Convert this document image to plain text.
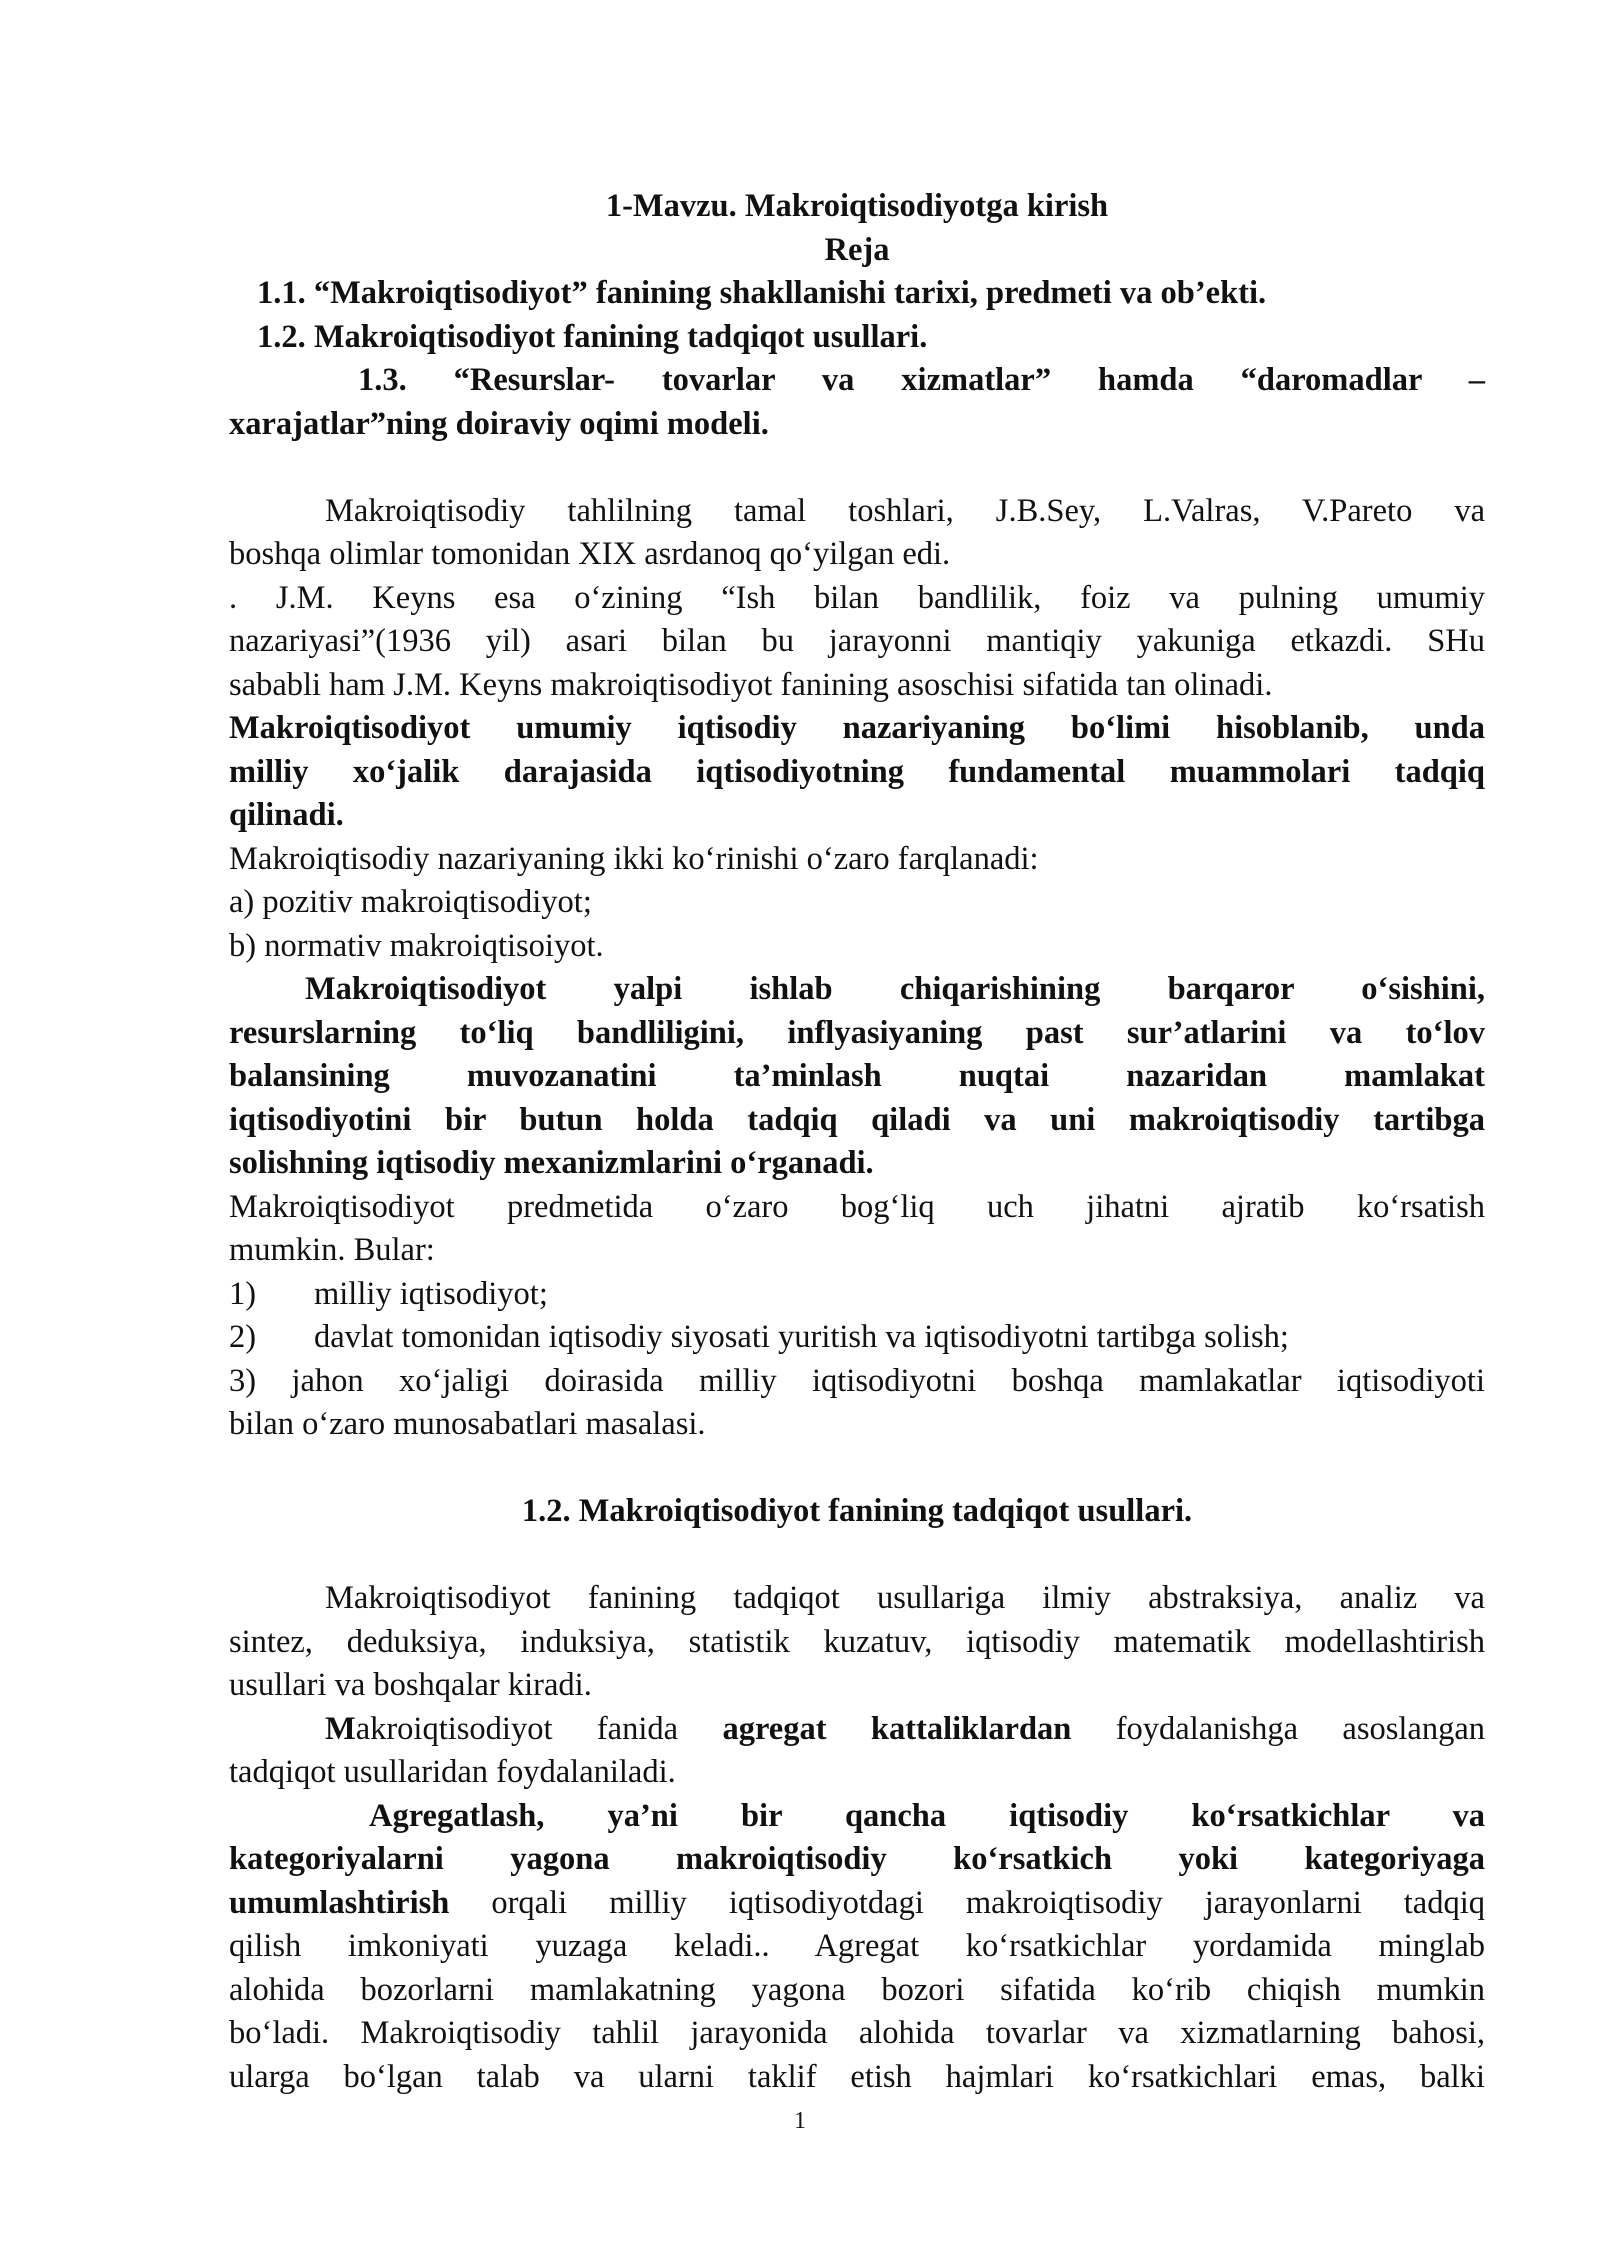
1-Mavzu. Makroiqtisodiyotga kirish

Reja

1.1. “Makroiqtisodiyot” fanining shakllanishi tarixi, predmeti va ob’ekti.

1.2. Makroiqtisodiyot fanining tadqiqot usullari.

1.3. “Resurslar- tovarlar va xizmatlar” hamda “daromadlar –

xarajatlar”ning doiraviy oqimi modeli.

Makroiqtisodiy tahlilning tamal toshlari, J.B.Sey, L.Valras, V.Pareto va

boshqa olimlar tomonidan XIX asrdanoq qo‘yilgan edi.

. J.M. Keyns esa o‘zining “Ish bilan bandlilik, foiz va pulning umumiy

nazariyasi”(1936 yil) asari bilan bu jarayonni mantiqiy yakuniga etkazdi. SHu

sababli ham J.M. Keyns makroiqtisodiyot fanining asoschisi sifatida tan olinadi.

Makroiqtisodiyot umumiy iqtisodiy nazariyaning bo‘limi hisoblanib, unda

milliy xo‘jalik darajasida iqtisodiyotning fundamental muammolari tadqiq

qilinadi.

Makroiqtisodiy nazariyaning ikki ko‘rinishi o‘zaro farqlanadi:

a) pozitiv makroiqtisodiyot;

b) normativ makroiqtisoiyot.

Makroiqtisodiyot yalpi ishlab chiqarishining barqaror o‘sishini,

resurslarning to‘liq bandliligini, inflyasiyaning past sur’atlarini va to‘lov

balansining muvozanatini ta’minlash nuqtai nazaridan mamlakat

iqtisodiyotini bir butun holda tadqiq qiladi va uni makroiqtisodiy tartibga

solishning iqtisodiy mexanizmlarini o‘rganadi.

Makroiqtisodiyot predmetida o‘zaro bog‘liq uch jihatni ajratib ko‘rsatish

mumkin. Bular:

1) milliy iqtisodiyot;

2) davlat tomonidan iqtisodiy siyosati yuritish va iqtisodiyotni tartibga solish;

3) jahon xo‘jaligi doirasida milliy iqtisodiyotni boshqa mamlakatlar iqtisodiyoti

bilan o‘zaro munosabatlari masalasi.

1.2. Makroiqtisodiyot fanining tadqiqot usullari.

Makroiqtisodiyot fanining tadqiqot usullariga ilmiy abstraksiya, analiz va

sintez, deduksiya, induksiya, statistik kuzatuv, iqtisodiy matematik modellashtirish

usullari va boshqalar kiradi.

Makroiqtisodiyot fanida agregat kattaliklardan foydalanishga asoslangan

tadqiqot usullaridan foydalaniladi.

Agregatlash, ya’ni bir qancha iqtisodiy ko‘rsatkichlar va

kategoriyalarni yagona makroiqtisodiy ko‘rsatkich yoki kategoriyaga

umumlashtirish orqali milliy iqtisodiyotdagi makroiqtisodiy jarayonlarni tadqiq

qilish imkoniyati yuzaga keladi.. Agregat ko‘rsatkichlar yordamida minglab

alohida bozorlarni mamlakatning yagona bozori sifatida ko‘rib chiqish mumkin

bo‘ladi. Makroiqtisodiy tahlil jarayonida alohida tovarlar va xizmatlarning bahosi,

ularga bo‘lgan talab va ularni taklif etish hajmlari ko‘rsatkichlari emas, balki

1
